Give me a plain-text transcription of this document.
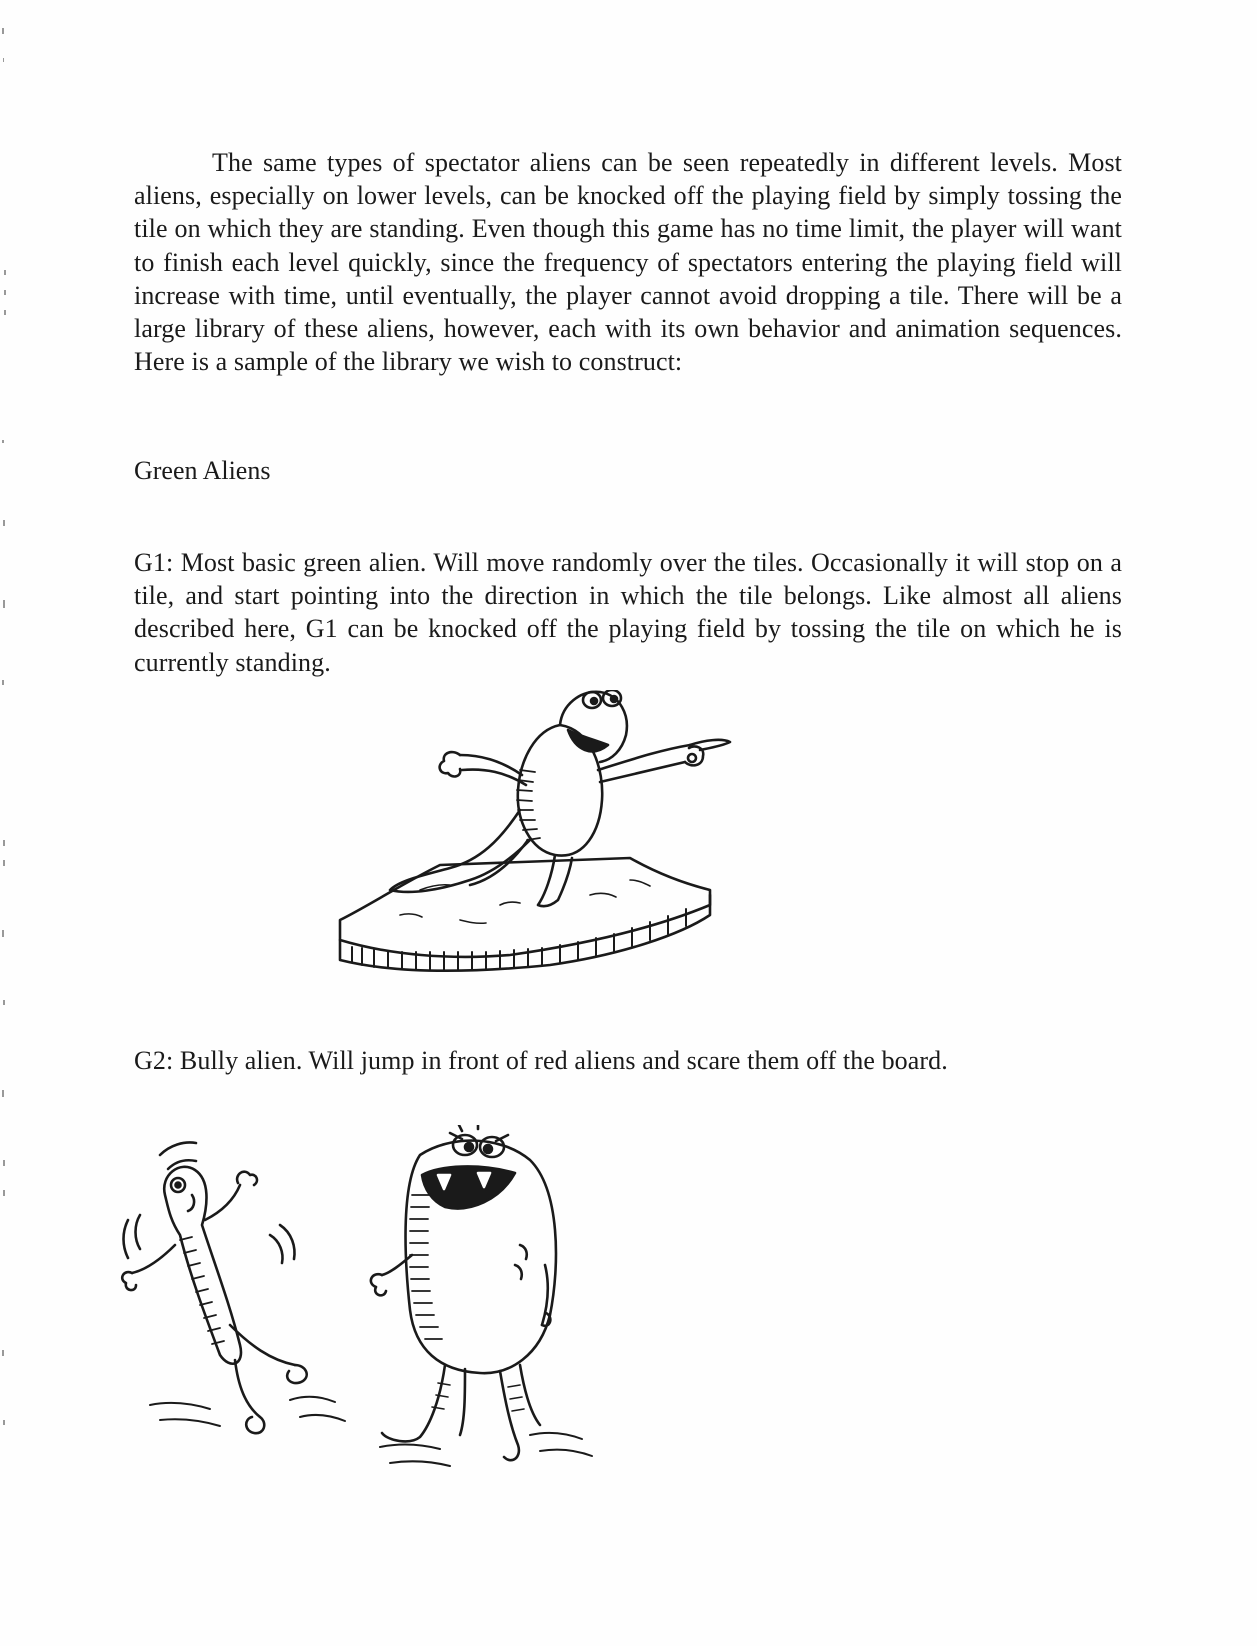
The same types of spectator aliens can be seen repeatedly in different levels. Most aliens, especially on lower levels, can be knocked off the playing field by simply tossing the tile on which they are standing. Even though this game has no time limit, the player will want to finish each level quickly, since the frequency of spectators entering the playing field will increase with time, until eventually, the player cannot avoid dropping a tile. There will be a large library of these aliens, however, each with its own behavior and animation sequences. Here is a sample of the library we wish to construct:

Green Aliens

G1: Most basic green alien. Will move randomly over the tiles. Occasionally it will stop on a tile, and start pointing into the direction in which the tile belongs. Like almost all aliens described here, G1 can be knocked off the playing field by tossing the tile on which he is currently standing.

G2: Bully alien. Will jump in front of red aliens and scare them off the board.
